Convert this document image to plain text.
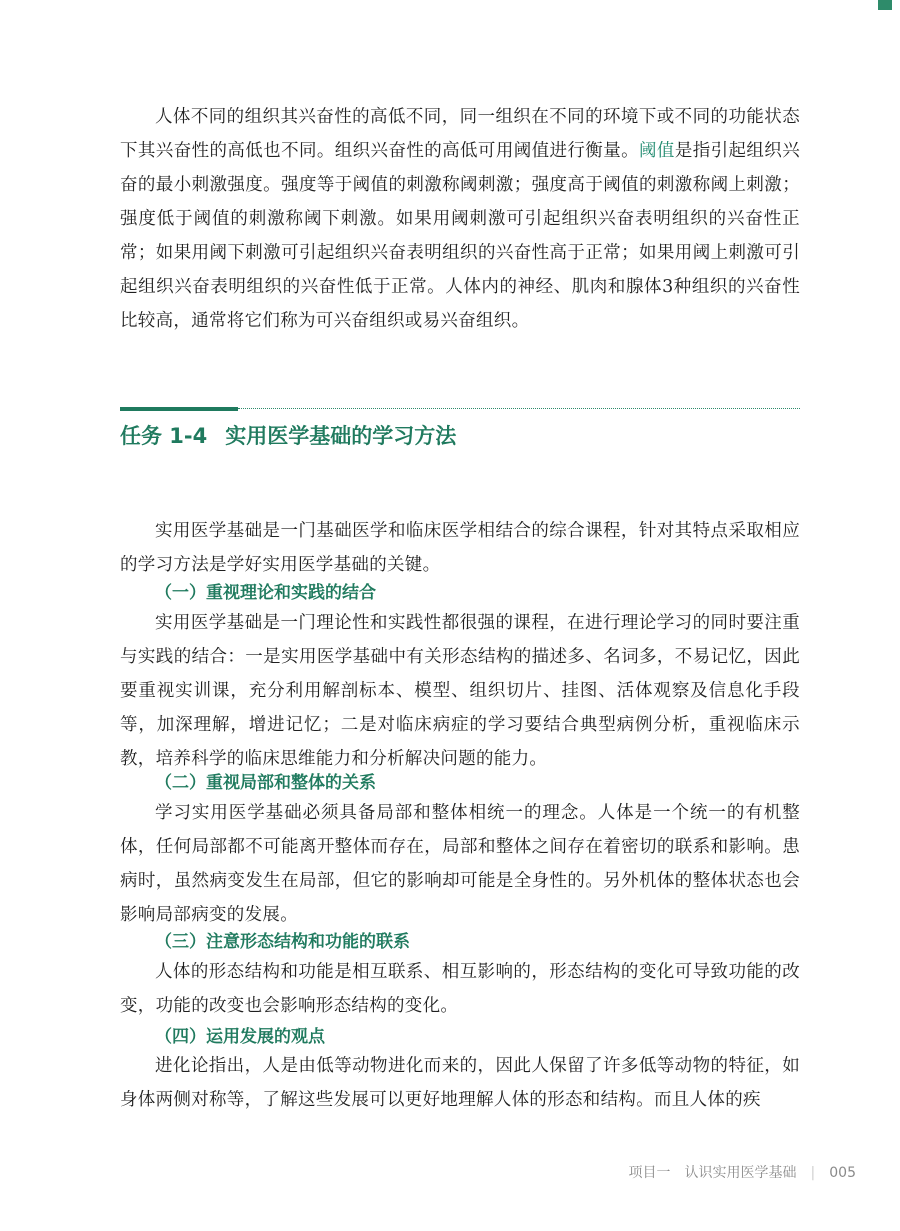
人体不同的组织其兴奋性的高低不同，同一组织在不同的环境下或不同的功能状态下其兴奋性的高低也不同。组织兴奋性的高低可用阈值进行衡量。阈值是指引起组织兴奋的最小刺激强度。强度等于阈值的刺激称阈刺激；强度高于阈值的刺激称阈上刺激；强度低于阈值的刺激称阈下刺激。如果用阈刺激可引起组织兴奋表明组织的兴奋性正常；如果用阈下刺激可引起组织兴奋表明组织的兴奋性高于正常；如果用阈上刺激可引起组织兴奋表明组织的兴奋性低于正常。人体内的神经、肌肉和腺体3种组织的兴奋性比较高，通常将它们称为可兴奋组织或易兴奋组织。

任务 1-4 实用医学基础的学习方法

实用医学基础是一门基础医学和临床医学相结合的综合课程，针对其特点采取相应的学习方法是学好实用医学基础的关键。

（一）重视理论和实践的结合

实用医学基础是一门理论性和实践性都很强的课程，在进行理论学习的同时要注重与实践的结合：一是实用医学基础中有关形态结构的描述多、名词多，不易记忆，因此要重视实训课，充分利用解剖标本、模型、组织切片、挂图、活体观察及信息化手段等，加深理解，增进记忆；二是对临床病症的学习要结合典型病例分析，重视临床示教，培养科学的临床思维能力和分析解决问题的能力。

（二）重视局部和整体的关系

学习实用医学基础必须具备局部和整体相统一的理念。人体是一个统一的有机整体，任何局部都不可能离开整体而存在，局部和整体之间存在着密切的联系和影响。患病时，虽然病变发生在局部，但它的影响却可能是全身性的。另外机体的整体状态也会影响局部病变的发展。

（三）注意形态结构和功能的联系

人体的形态结构和功能是相互联系、相互影响的，形态结构的变化可导致功能的改变，功能的改变也会影响形态结构的变化。

（四）运用发展的观点

进化论指出，人是由低等动物进化而来的，因此人保留了许多低等动物的特征，如身体两侧对称等，了解这些发展可以更好地理解人体的形态和结构。而且人体的疾

项目一 认识实用医学基础 | 005
